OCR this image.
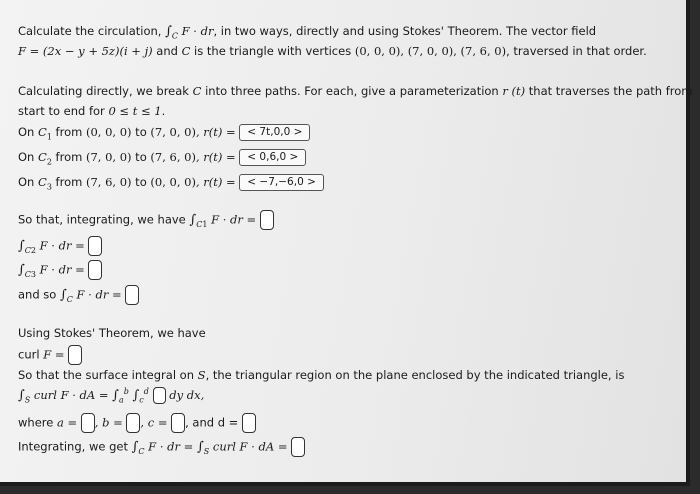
Calculate the circulation, $\int_C$ F · dr, in two ways, directly and using Stokes' Theorem. The vector field
F = (2x − y + 5z)(i + j) and C is the triangle with vertices (0, 0, 0), (7, 0, 0), (7, 6, 0), traversed in that order.
Calculating directly, we break C into three paths. For each, give a parameterization r (t) that traverses the path from
start to end for 0 ≤ t ≤ 1.
On $C_1$ from (0, 0, 0) to (7, 0, 0), r(t) = < 7t,0,0 >
On $C_2$ from (7, 0, 0) to (7, 6, 0), r(t) = < 0,6,0 >
On $C_3$ from (7, 6, 0) to (0, 0, 0), r(t) = < −7,−6,0 >
So that, integrating, we have $\int_{C1}$ F · dr =
$\int_{C2}$ F · dr =
$\int_{C3}$ F · dr =
and so $\int_C$ F · dr =
Using Stokes' Theorem, we have
curl F =
So that the surface integral on S, the triangular region on the plane enclosed by the indicated triangle, is
$\int_S$ curl F · dA = $\int_a^b$ $\int_c^d$  dy dx,
where a = , b = , c = , and d =
Integrating, we get $\int_C$ F · dr = $\int_S$ curl F · dA =
